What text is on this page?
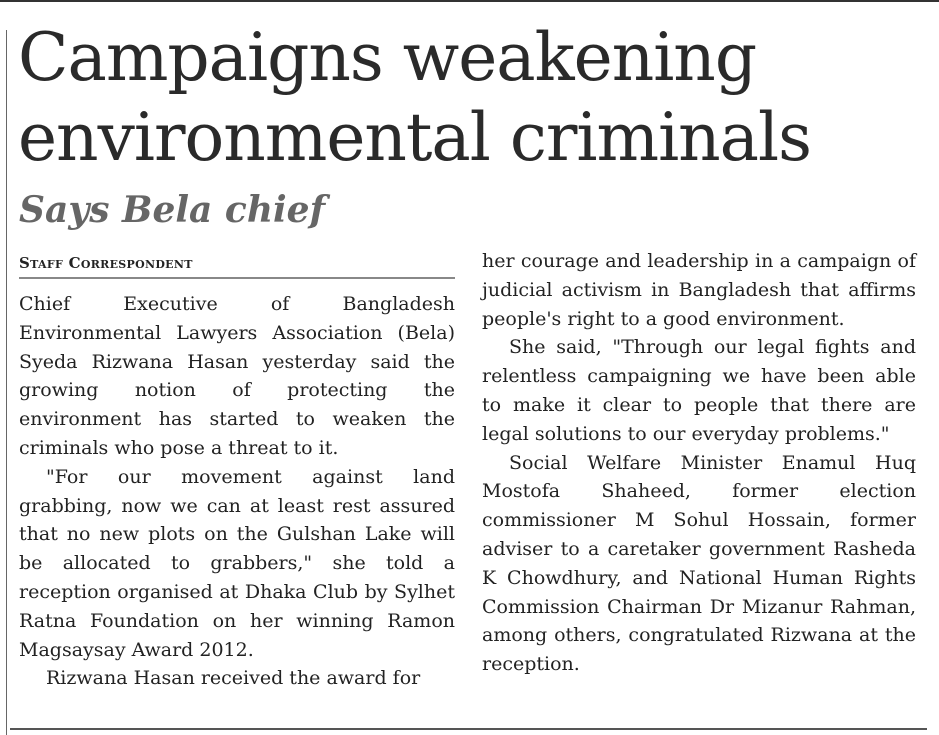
Campaigns weakening
environmental criminals
Says Bela chief
Staff Correspondent

Chief Executive of Bangladesh Environmental Lawyers Association (Bela) Syeda Rizwana Hasan yesterday said the growing notion of protecting the environment has started to weaken the criminals who pose a threat to it.

"For our movement against land grabbing, now we can at least rest assured that no new plots on the Gulshan Lake will be allocated to grabbers," she told a reception organised at Dhaka Club by Sylhet Ratna Foundation on her winning Ramon Magsaysay Award 2012.

Rizwana Hasan received the award for

her courage and leadership in a campaign of judicial activism in Bangladesh that affirms people's right to a good environment.

She said, "Through our legal fights and relentless campaigning we have been able to make it clear to people that there are legal solutions to our everyday problems."

Social Welfare Minister Enamul Huq Mostofa Shaheed, former election commissioner M Sohul Hossain, former adviser to a caretaker government Rasheda K Chowdhury, and National Human Rights Commission Chairman Dr Mizanur Rahman, among others, congratulated Rizwana at the reception.
